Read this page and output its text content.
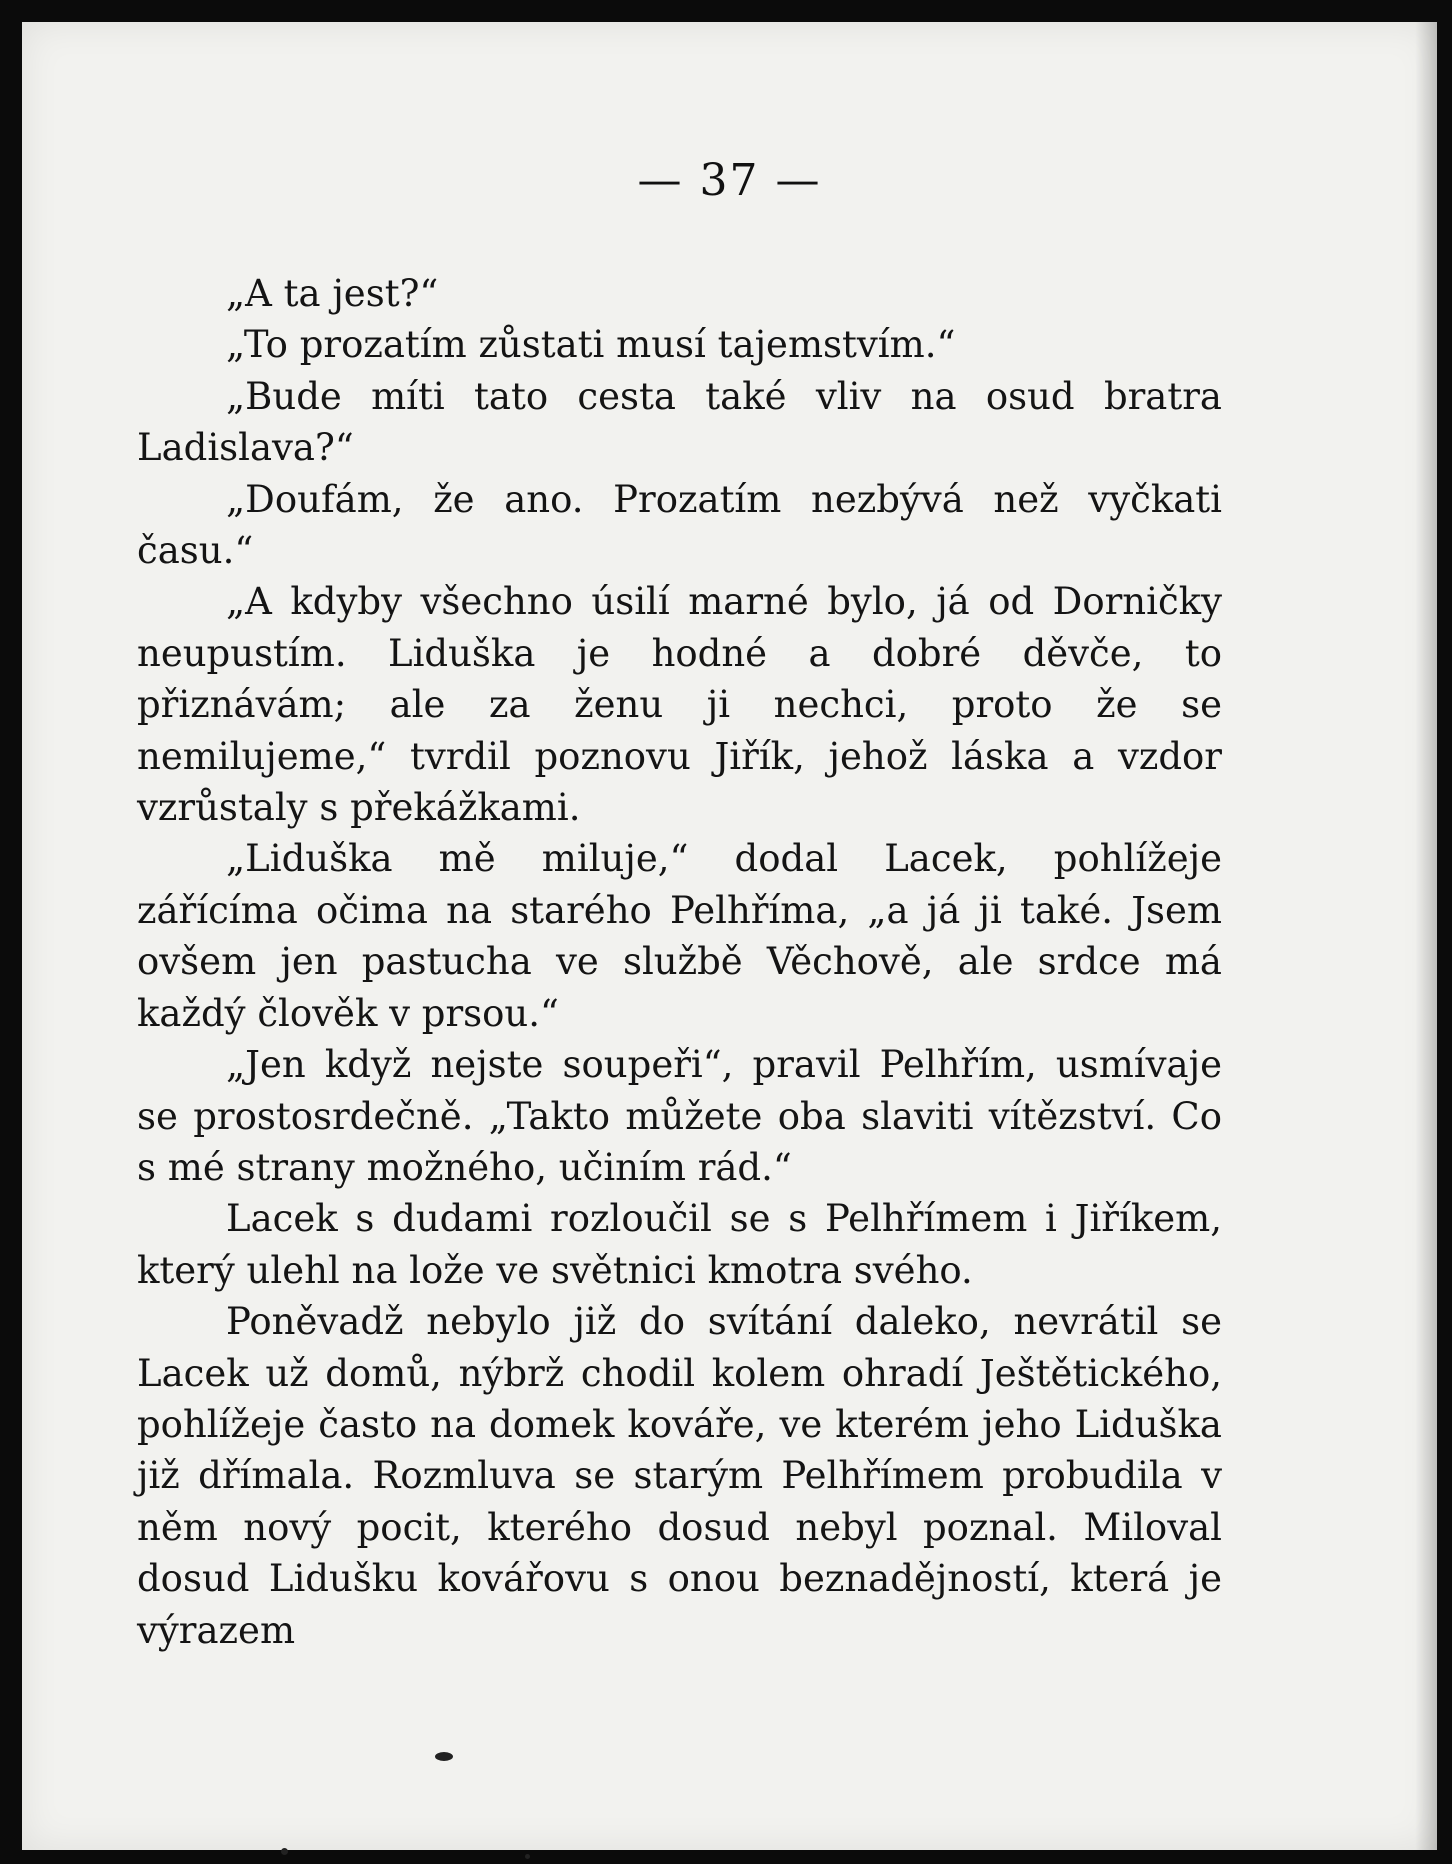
— 37 —

„A ta jest?“

„To prozatím zůstati musí tajemstvím.“

„Bude míti tato cesta také vliv na osud bratra Ladislava?“

„Doufám, že ano. Prozatím nezbývá než vyčkati času.“

„A kdyby všechno úsilí marné bylo, já od Dorničky neupustím. Liduška je hodné a dobré děvče, to přiznávám; ale za ženu ji nechci, proto že se nemilujeme,“ tvrdil poznovu Jiřík, jehož láska a vzdor vzrůstaly s překážkami.

„Liduška mě miluje,“ dodal Lacek, pohlížeje zářícíma očima na starého Pelhříma, „a já ji také. Jsem ovšem jen pastucha ve službě Věchově, ale srdce má každý člověk v prsou.“

„Jen když nejste soupeři“, pravil Pelhřím, usmívaje se prostosrdečně. „Takto můžete oba slaviti vítězství. Co s mé strany možného, učiním rád.“

Lacek s dudami rozloučil se s Pelhřímem i Jiříkem, který ulehl na lože ve světnici kmotra svého.

Poněvadž nebylo již do svítání daleko, nevrátil se Lacek už domů, nýbrž chodil kolem ohradí Ještětického, pohlížeje často na domek kováře, ve kterém jeho Liduška již dřímala. Rozmluva se starým Pelhřímem probudila v něm nový pocit, kterého dosud nebyl poznal. Miloval dosud Lidušku kovářovu s onou beznadějností, která je výrazem
